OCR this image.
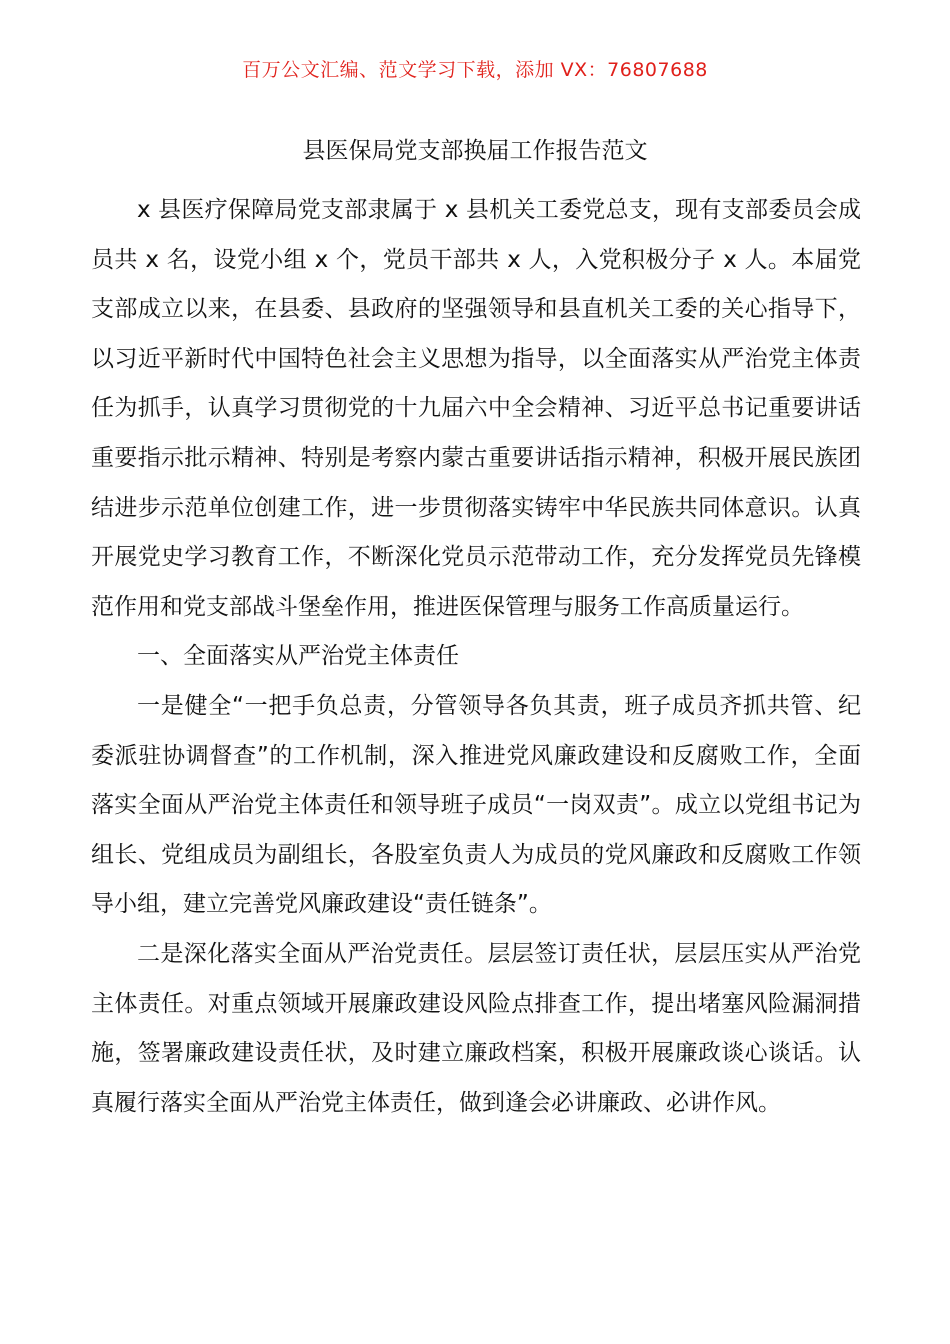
百万公文汇编、范文学习下载，添加 VX：76807688
县医保局党支部换届工作报告范文

x 县医疗保障局党支部隶属于 x 县机关工委党总支，现有支部委员会成员共 x 名，设党小组 x 个，党员干部共 x 人，入党积极分子 x 人。本届党支部成立以来，在县委、县政府的坚强领导和县直机关工委的关心指导下，以习近平新时代中国特色社会主义思想为指导，以全面落实从严治党主体责任为抓手，认真学习贯彻党的十九届六中全会精神、习近平总书记重要讲话重要指示批示精神、特别是考察内蒙古重要讲话指示精神，积极开展民族团结进步示范单位创建工作，进一步贯彻落实铸牢中华民族共同体意识。认真开展党史学习教育工作，不断深化党员示范带动工作，充分发挥党员先锋模范作用和党支部战斗堡垒作用，推进医保管理与服务工作高质量运行。

一、全面落实从严治党主体责任

一是健全“一把手负总责，分管领导各负其责，班子成员齐抓共管、纪委派驻协调督查”的工作机制，深入推进党风廉政建设和反腐败工作，全面落实全面从严治党主体责任和领导班子成员“一岗双责”。成立以党组书记为组长、党组成员为副组长，各股室负责人为成员的党风廉政和反腐败工作领导小组，建立完善党风廉政建设“责任链条”。

二是深化落实全面从严治党责任。层层签订责任状，层层压实从严治党主体责任。对重点领域开展廉政建设风险点排查工作，提出堵塞风险漏洞措施，签署廉政建设责任状，及时建立廉政档案，积极开展廉政谈心谈话。认真履行落实全面从严治党主体责任，做到逢会必讲廉政、必讲作风。
